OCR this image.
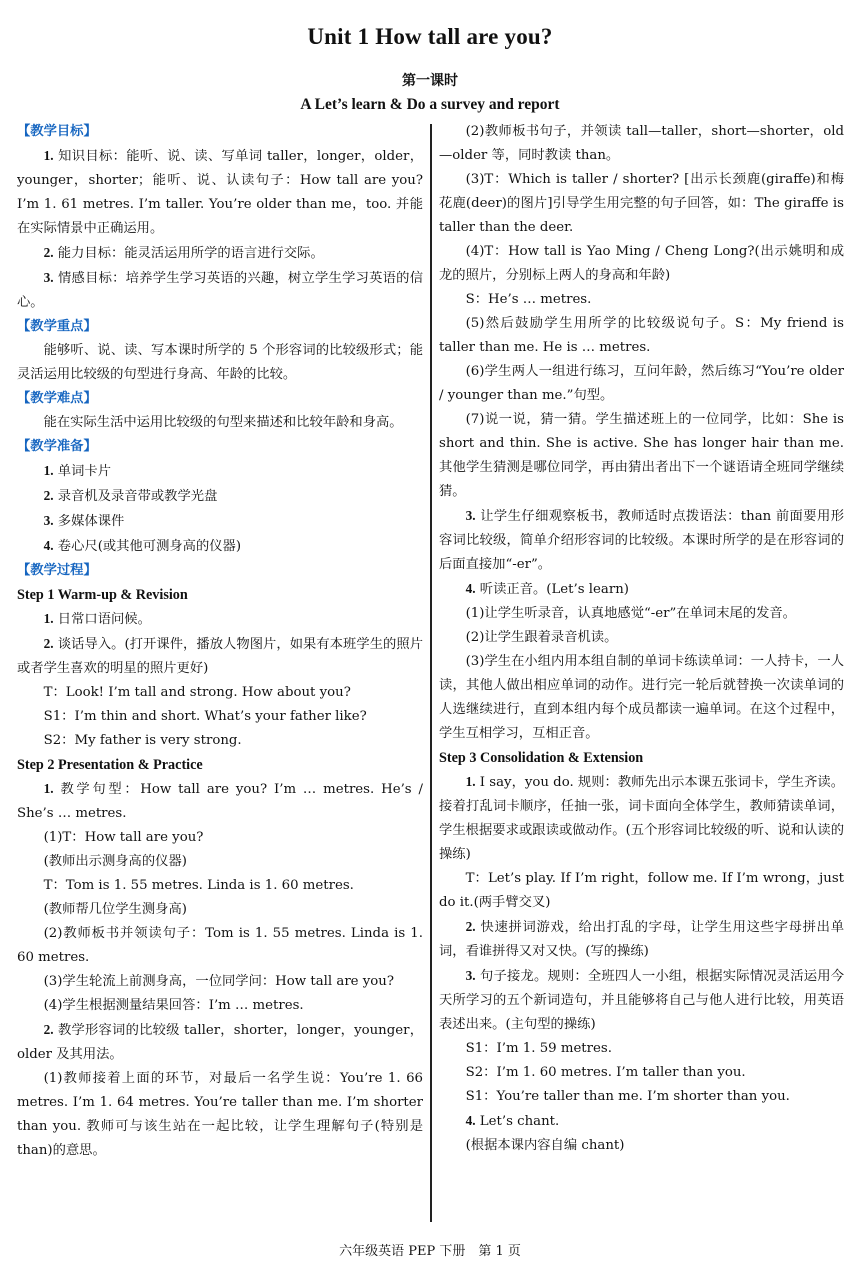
Unit 1 How tall are you?
第一课时
A Let’s learn & Do a survey and report

【教学目标】

1. 知识目标：能听、说、读、写单词 taller，longer，older，younger，shorter；能听、说、认读句子：How tall are you? I’m 1. 61 metres. I’m taller. You’re older than me，too. 并能在实际情景中正确运用。

2. 能力目标：能灵活运用所学的语言进行交际。

3. 情感目标：培养学生学习英语的兴趣，树立学生学习英语的信心。

【教学重点】

能够听、说、读、写本课时所学的 5 个形容词的比较级形式；能灵活运用比较级的句型进行身高、年龄的比较。

【教学难点】

能在实际生活中运用比较级的句型来描述和比较年龄和身高。

【教学准备】

1. 单词卡片

2. 录音机及录音带或教学光盘

3. 多媒体课件

4. 卷心尺(或其他可测身高的仪器)

【教学过程】

Step 1 Warm-up & Revision

1. 日常口语问候。

2. 谈话导入。(打开课件，播放人物图片，如果有本班学生的照片或者学生喜欢的明星的照片更好)

T：Look! I’m tall and strong. How about you?

S1：I’m thin and short. What’s your father like?

S2：My father is very strong.

Step 2 Presentation & Practice

1. 教学句型：How tall are you? I’m … metres. He’s / She’s … metres.

(1)T：How tall are you?

(教师出示测身高的仪器)

T：Tom is 1. 55 metres. Linda is 1. 60 metres.

(教师帮几位学生测身高)

(2)教师板书并领读句子：Tom is 1. 55 metres. Linda is 1. 60 metres.

(3)学生轮流上前测身高，一位同学问：How tall are you?

(4)学生根据测量结果回答：I’m … metres.

2. 教学形容词的比较级 taller，shorter，longer，younger，older 及其用法。

(1)教师接着上面的环节，对最后一名学生说：You’re 1. 66 metres. I’m 1. 64 metres. You’re taller than me. I’m shorter than you. 教师可与该生站在一起比较，让学生理解句子(特别是 than)的意思。

(2)教师板书句子，并领读 tall—taller，short—shorter，old—older 等，同时教读 than。

(3)T：Which is taller / shorter? [出示长颈鹿(giraffe)和梅花鹿(deer)的图片]引导学生用完整的句子回答，如：The giraffe is taller than the deer.

(4)T：How tall is Yao Ming / Cheng Long?(出示姚明和成龙的照片，分别标上两人的身高和年龄)

S：He’s … metres.

(5)然后鼓励学生用所学的比较级说句子。S：My friend is taller than me. He is … metres.

(6)学生两人一组进行练习，互问年龄，然后练习“You’re older / younger than me.”句型。

(7)说一说，猜一猜。学生描述班上的一位同学，比如：She is short and thin. She is active. She has longer hair than me. 其他学生猜测是哪位同学，再由猜出者出下一个谜语请全班同学继续猜。

3. 让学生仔细观察板书，教师适时点拨语法：than 前面要用形容词比较级，简单介绍形容词的比较级。本课时所学的是在形容词的后面直接加“-er”。

4. 听读正音。(Let’s learn)

(1)让学生听录音，认真地感觉“-er”在单词末尾的发音。

(2)让学生跟着录音机读。

(3)学生在小组内用本组自制的单词卡练读单词：一人持卡，一人读，其他人做出相应单词的动作。进行完一轮后就替换一次读单词的人选继续进行，直到本组内每个成员都读一遍单词。在这个过程中，学生互相学习，互相正音。

Step 3 Consolidation & Extension

1. I say，you do. 规则：教师先出示本课五张词卡，学生齐读。接着打乱词卡顺序，任抽一张，词卡面向全体学生，教师猜读单词，学生根据要求或跟读或做动作。(五个形容词比较级的听、说和认读的操练)

T：Let’s play. If I’m right，follow me. If I’m wrong，just do it.(两手臂交叉)

2. 快速拼词游戏，给出打乱的字母，让学生用这些字母拼出单词，看谁拼得又对又快。(写的操练)

3. 句子接龙。规则：全班四人一小组，根据实际情况灵活运用今天所学习的五个新词造句，并且能够将自己与他人进行比较，用英语表述出来。(主句型的操练)

S1：I’m 1. 59 metres.

S2：I’m 1. 60 metres. I’m taller than you.

S1：You’re taller than me. I’m shorter than you.

4. Let’s chant.

(根据本课内容自编 chant)

六年级英语 PEP 下册　第 1 页
